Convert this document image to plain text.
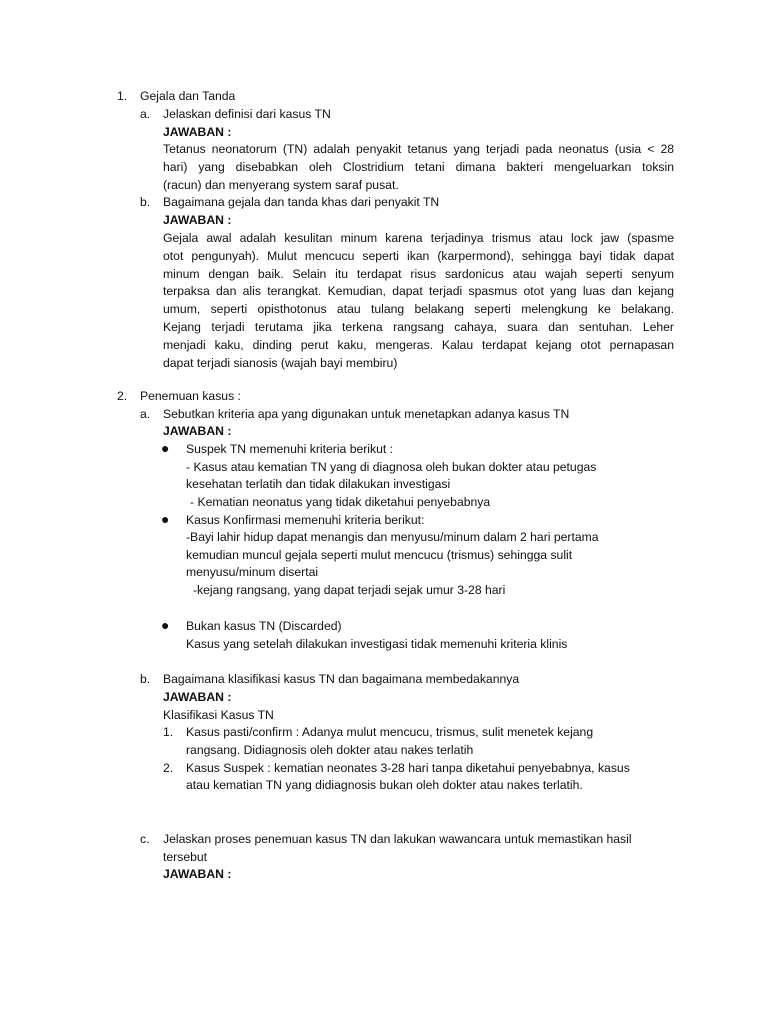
1. Gejala dan Tanda
a. Jelaskan definisi dari kasus TN
JAWABAN :
Tetanus neonatorum (TN) adalah penyakit tetanus yang terjadi pada neonatus (usia < 28
hari) yang disebabkan oleh Clostridium tetani dimana bakteri mengeluarkan toksin
(racun) dan menyerang system saraf pusat.
b. Bagaimana gejala dan tanda khas dari penyakit TN
JAWABAN :
Gejala awal adalah kesulitan minum karena terjadinya trismus atau lock jaw (spasme
otot pengunyah). Mulut mencucu seperti ikan (karpermond), sehingga bayi tidak dapat
minum dengan baik. Selain itu terdapat risus sardonicus atau wajah seperti senyum
terpaksa dan alis terangkat. Kemudian, dapat terjadi spasmus otot yang luas dan kejang
umum, seperti opisthotonus atau tulang belakang seperti melengkung ke belakang.
Kejang terjadi terutama jika terkena rangsang cahaya, suara dan sentuhan. Leher
menjadi kaku, dinding perut kaku, mengeras. Kalau terdapat kejang otot pernapasan
dapat terjadi sianosis (wajah bayi membiru)
2. Penemuan kasus :
a. Sebutkan kriteria apa yang digunakan untuk menetapkan adanya kasus TN
JAWABAN :
● Suspek TN memenuhi kriteria berikut :
- Kasus atau kematian TN yang di diagnosa oleh bukan dokter atau petugas
kesehatan terlatih dan tidak dilakukan investigasi
- Kematian neonatus yang tidak diketahui penyebabnya
● Kasus Konfirmasi memenuhi kriteria berikut:
-Bayi lahir hidup dapat menangis dan menyusu/minum dalam 2 hari pertama
kemudian muncul gejala seperti mulut mencucu (trismus) sehingga sulit
menyusu/minum disertai
-kejang rangsang, yang dapat terjadi sejak umur 3-28 hari
● Bukan kasus TN (Discarded)
Kasus yang setelah dilakukan investigasi tidak memenuhi kriteria klinis
b. Bagaimana klasifikasi kasus TN dan bagaimana membedakannya
JAWABAN :
Klasifikasi Kasus TN
1. Kasus pasti/confirm : Adanya mulut mencucu, trismus, sulit menetek kejang
rangsang. Didiagnosis oleh dokter atau nakes terlatih
2. Kasus Suspek : kematian neonates 3-28 hari tanpa diketahui penyebabnya, kasus
atau kematian TN yang didiagnosis bukan oleh dokter atau nakes terlatih.
c. Jelaskan proses penemuan kasus TN dan lakukan wawancara untuk memastikan hasil
tersebut
JAWABAN :
